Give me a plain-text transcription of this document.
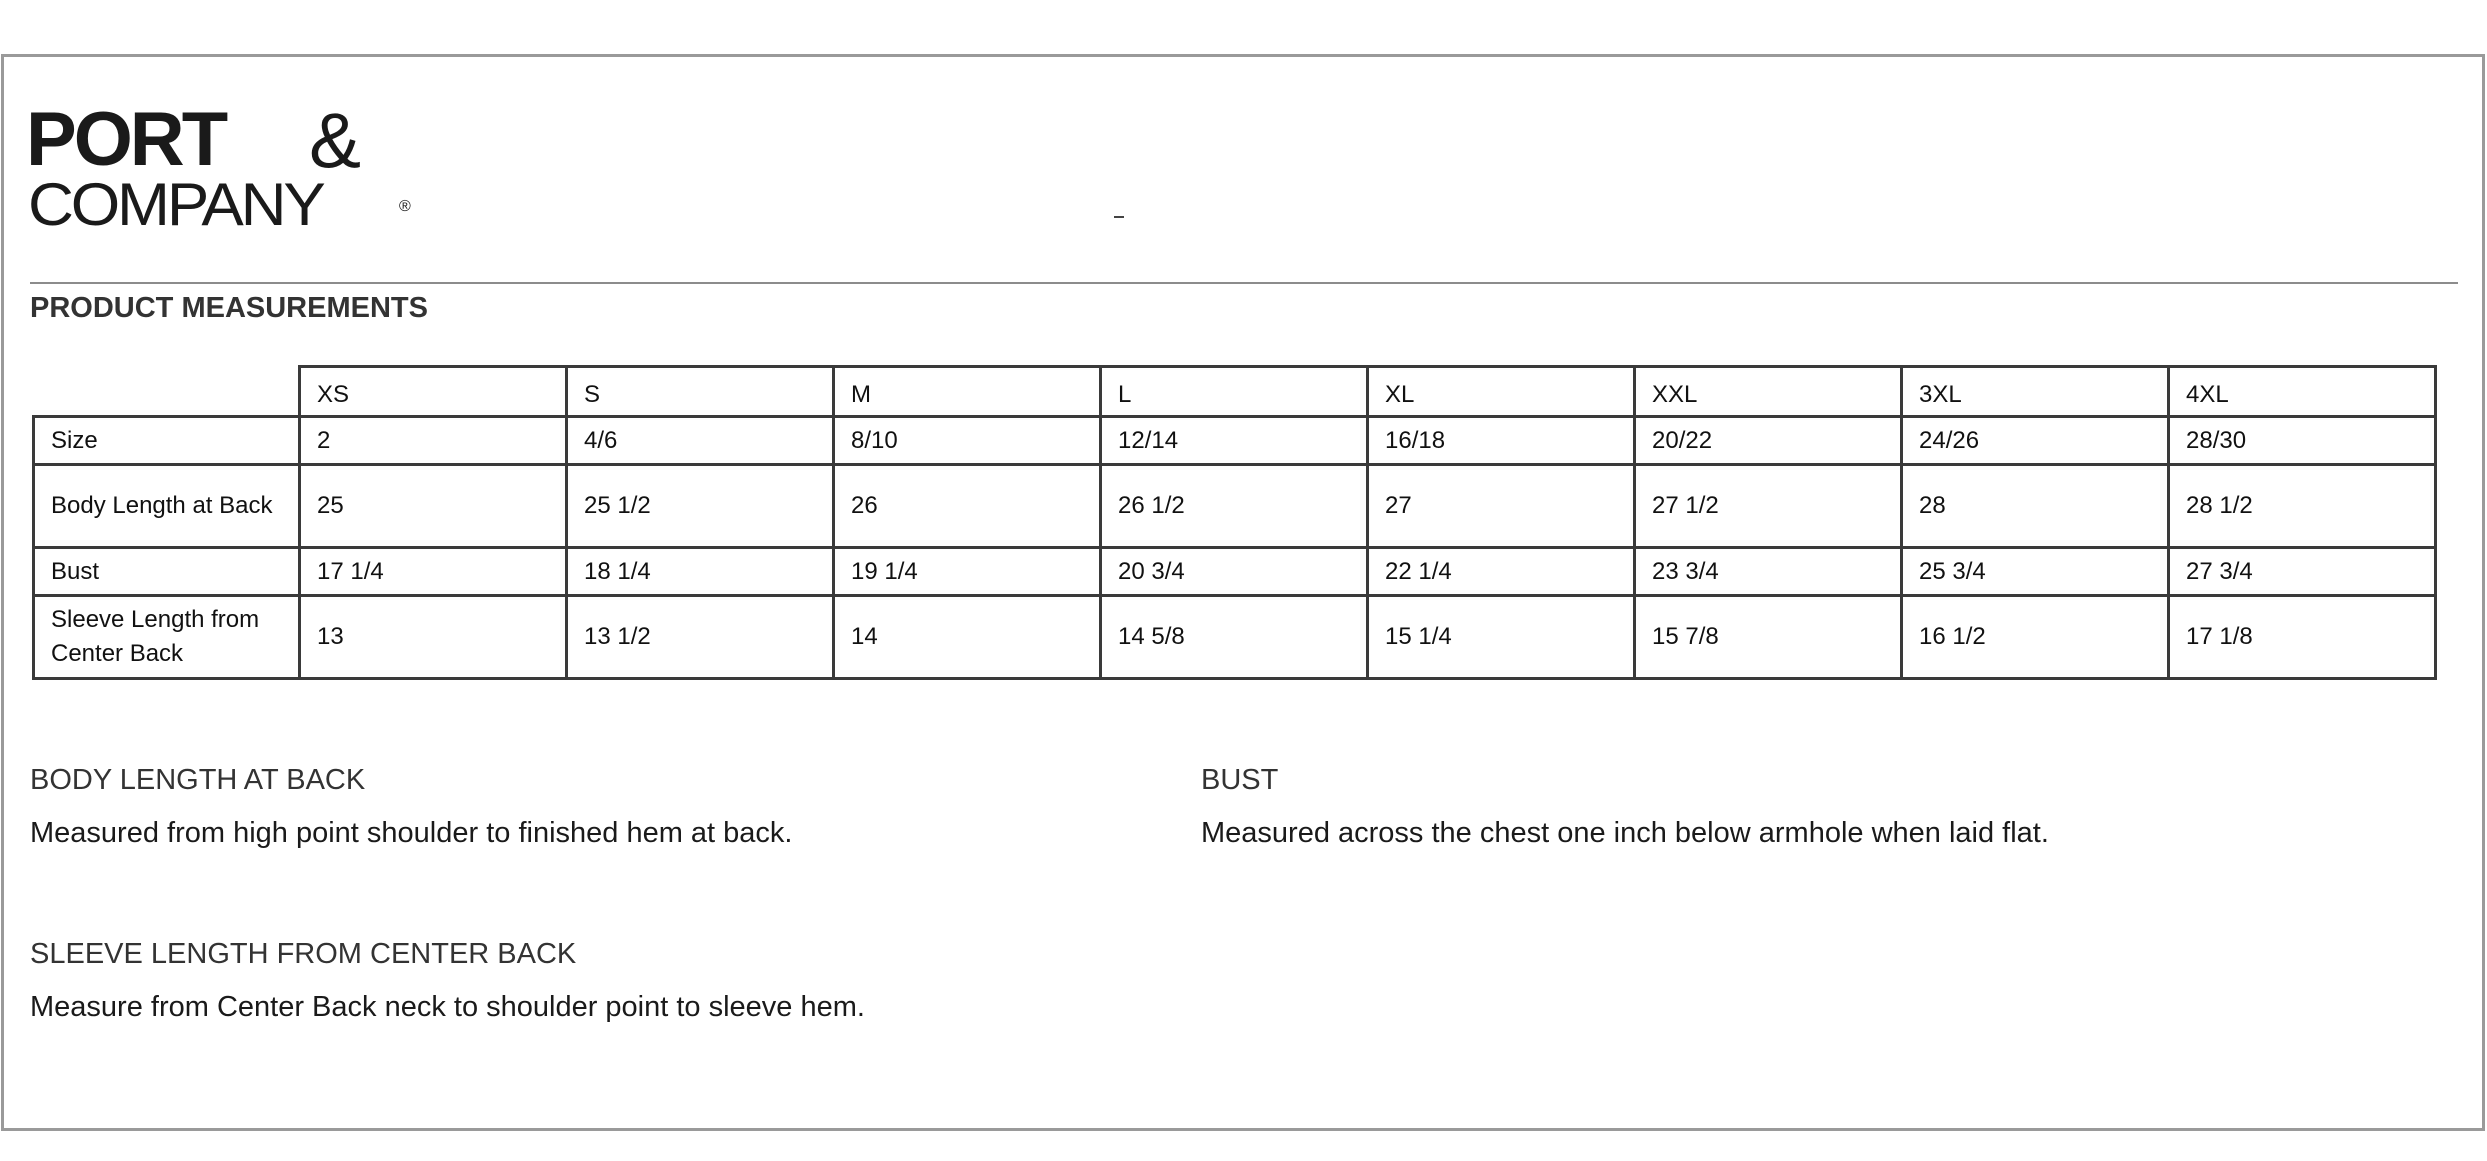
PORT &
COMPANY	®
PRODUCT MEASUREMENTS
	XS	S	M	L	XL	XXL	3XL	4XL
Size	2	4/6	8/10	12/14	16/18	20/22	24/26	28/30
Body Length at Back	25	25 1/2	26	26 1/2	27	27 1/2	28	28 1/2
Bust	17 1/4	18 1/4	19 1/4	20 3/4	22 1/4	23 3/4	25 3/4	27 3/4
Sleeve Length from Center Back	13	13 1/2	14	14 5/8	15 1/4	15 7/8	16 1/2	17 1/8
BODY LENGTH AT BACK
Measured from high point shoulder to finished hem at back.
BUST
Measured across the chest one inch below armhole when laid flat.
SLEEVE LENGTH FROM CENTER BACK
Measure from Center Back neck to shoulder point to sleeve hem.
